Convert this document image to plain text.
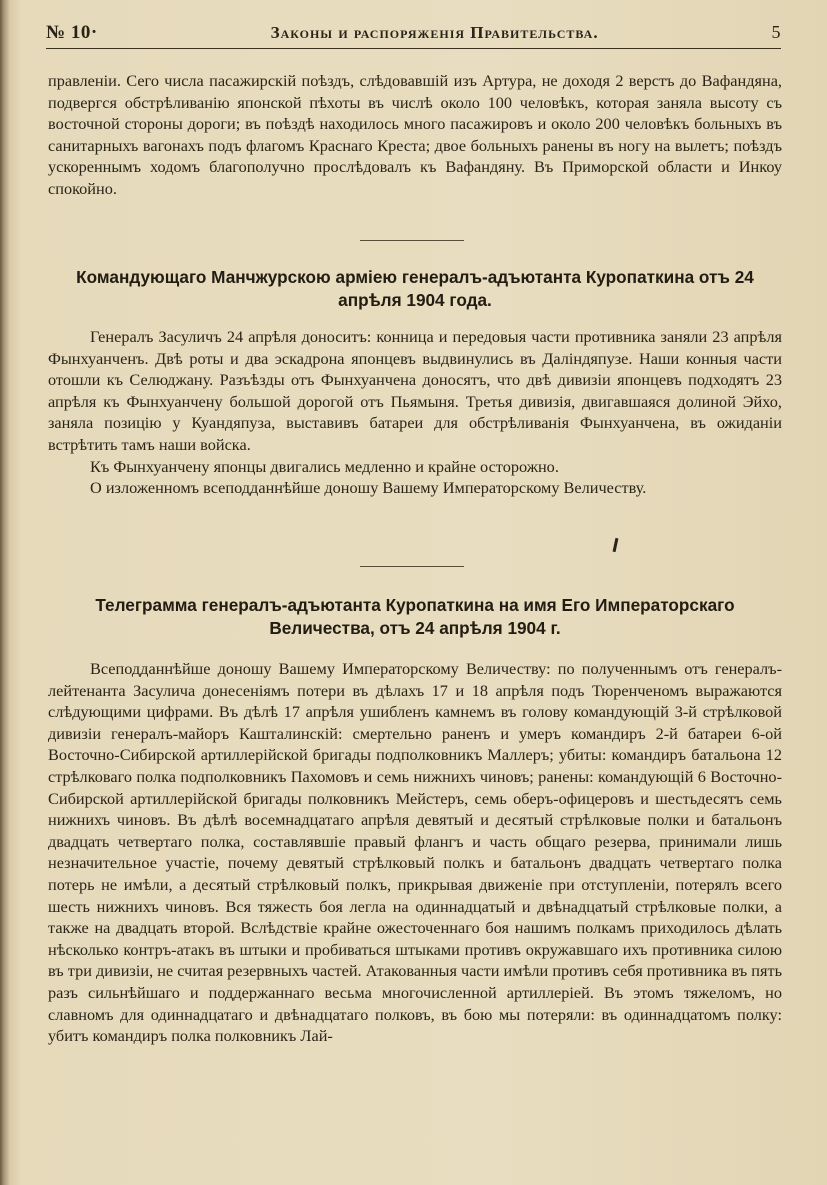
№ 10·	Законы и распоряженія Правительства.	5

правленіи. Сего числа пасажирскій поѣздъ, слѣдовавшій изъ Артура, не доходя 2 верстъ до Вафандяна, подвергся обстрѣливанію японской пѣхоты въ числѣ около 100 человѣкъ, которая заняла высоту съ восточной стороны дороги; въ поѣздѣ находилось много пасажировъ и около 200 человѣкъ больныхъ въ санитарныхъ вагонахъ подъ флагомъ Краснаго Креста; двое больныхъ ранены въ ногу на вылетъ; поѣздъ ускореннымъ ходомъ благополучно прослѣдовалъ къ Вафандяну. Въ Приморской области и Инкоу спокойно.

Командующаго Манчжурскою арміею генералъ-адъютанта Куропаткина отъ 24 апрѣля 1904 года.

Генералъ Засуличъ 24 апрѣля доноситъ: конница и передовыя части противника заняли 23 апрѣля Фынхуанченъ. Двѣ роты и два эскадрона японцевъ выдвинулись въ Далiндяпузе. Наши конныя части отошли къ Селюджану. Разъѣзды отъ Фынхуанчена доносятъ, что двѣ дивизіи японцевъ подходятъ 23 апрѣля къ Фынхуанчену большой дорогой отъ Пьямыня. Третья дивизія, двигавшаяся долиной Эйхо, заняла позицію у Куандяпуза, выставивъ батареи для обстрѣливанія Фынхуанчена, въ ожиданіи встрѣтить тамъ наши войска.

Къ Фынхуанчену японцы двигались медленно и крайне осторожно.

О изложенномъ всеподданнѣйше доношу Вашему Императорскому Величеству.

Телеграмма генералъ-адъютанта Куропаткина на имя Его Императорскаго Величества, отъ 24 апрѣля 1904 г.

Всеподданнѣйше доношу Вашему Императорскому Величеству: по полученнымъ отъ генералъ-лейтенанта Засулича донесеніямъ потери въ дѣлахъ 17 и 18 апрѣля подъ Тюренченомъ выражаются слѣдующими цифрами. Въ дѣлѣ 17 апрѣля ушибленъ камнемъ въ голову командующій 3-й стрѣлковой дивизіи генералъ-майоръ Кашталинскій: смертельно раненъ и умеръ командиръ 2-й батареи 6-ой Восточно-Сибирской артиллерійской бригады подполковникъ Маллеръ; убиты: командиръ батальона 12 стрѣлковаго полка подполковникъ Пахомовъ и семь нижнихъ чиновъ; ранены: командующій 6 Восточно-Сибирской артиллерійской бригады полковникъ Мейстеръ, семь оберъ-офицеровъ и шестьдесятъ семь нижнихъ чиновъ. Въ дѣлѣ восемнадцатаго апрѣля девятый и десятый стрѣлковые полки и батальонъ двадцать четвертаго полка, составлявшіе правый флангъ и часть общаго резерва, принимали лишь незначительное участіе, почему девятый стрѣлковый полкъ и батальонъ двадцать четвертаго полка потерь не имѣли, а десятый стрѣлковый полкъ, прикрывая движеніе при отступленіи, потерялъ всего шесть нижнихъ чиновъ. Вся тяжесть боя легла на одиннадцатый и двѣнадцатый стрѣлковые полки, а также на двадцать второй. Вслѣдствіе крайне ожесточеннаго боя нашимъ полкамъ приходилось дѣлать нѣсколько контръ-атакъ въ штыки и пробиваться штыками противъ окружавшаго ихъ противника силою въ три дивизіи, не считая резервныхъ частей. Атакованныя части имѣли противъ себя противника въ пять разъ сильнѣйшаго и поддержаннаго весьма многочисленной артиллеріей. Въ этомъ тяжеломъ, но славномъ для одиннадцатаго и двѣнадцатаго полковъ, въ бою мы потеряли: въ одиннадцатомъ полку: убитъ командиръ полка полковникъ Лай-
